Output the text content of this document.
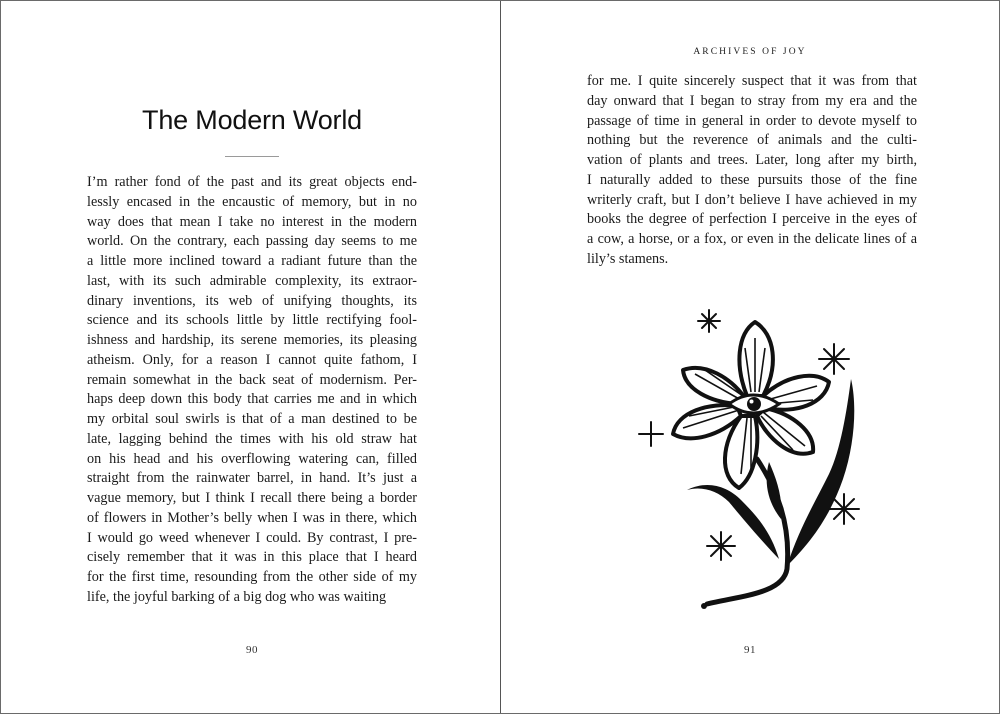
The Modern World

I’m rather fond of the past and its great objects end-
lessly encased in the encaustic of memory, but in no
way does that mean I take no interest in the modern
world. On the contrary, each passing day seems to me
a little more inclined toward a radiant future than the
last, with its such admirable complexity, its extraor-
dinary inventions, its web of unifying thoughts, its
science and its schools little by little rectifying fool-
ishness and hardship, its serene memories, its pleasing
atheism. Only, for a reason I cannot quite fathom, I
remain somewhat in the back seat of modernism. Per-
haps deep down this body that carries me and in which
my orbital soul swirls is that of a man destined to be
late, lagging behind the times with his old straw hat
on his head and his overflowing watering can, filled
straight from the rainwater barrel, in hand. It’s just a
vague memory, but I think I recall there being a border
of flowers in Mother’s belly when I was in there, which
I would go weed whenever I could. By contrast, I pre-
cisely remember that it was in this place that I heard
for the first time, resounding from the other side of my
life, the joyful barking of a big dog who was waiting

90
ARCHIVES OF JOY

for me. I quite sincerely suspect that it was from that
day onward that I began to stray from my era and the
passage of time in general in order to devote myself to
nothing but the reverence of animals and the culti-
vation of plants and trees. Later, long after my birth,
I naturally added to these pursuits those of the fine
writerly craft, but I don’t believe I have achieved in my
books the degree of perfection I perceive in the eyes of
a cow, a horse, or a fox, or even in the delicate lines of a
lily’s stamens.

91
